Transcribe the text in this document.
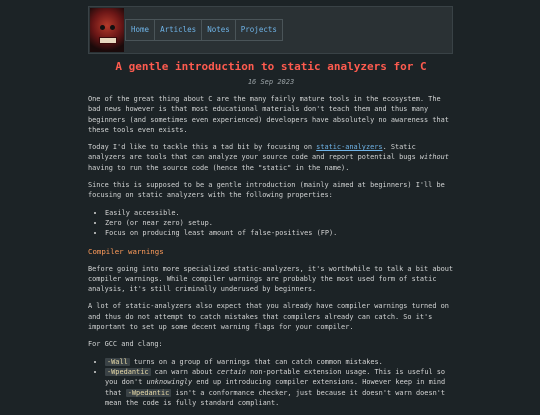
Home	Articles	Notes	Projects
A gentle introduction to static analyzers for C
16 Sep 2023

One of the great thing about C are the many fairly mature tools in the ecosystem. The bad news however is that most educational materials don't teach them and thus many beginners (and sometimes even experienced) developers have absolutely no awareness that these tools even exists.

Today I'd like to tackle this a tad bit by focusing on static-analyzers. Static analyzers are tools that can analyze your source code and report potential bugs without having to run the source code (hence the "static" in the name).

Since this is supposed to be a gentle introduction (mainly aimed at beginners) I'll be focusing on static analyzers with the following properties:

• Easily accessible.
• Zero (or near zero) setup.
• Focus on producing least amount of false-positives (FP).
Compiler warnings

Before going into more specialized static-analyzers, it's worthwhile to talk a bit about compiler warnings. While compiler warnings are probably the most used form of static analysis, it's still criminally underused by beginners.

A lot of static-analyzers also expect that you already have compiler warnings turned on and thus do not attempt to catch mistakes that compilers already can catch. So it's important to set up some decent warning flags for your compiler.

For GCC and clang:

• -Wall turns on a group of warnings that can catch common mistakes.
• -Wpedantic can warn about certain non-portable extension usage. This is useful so you don't unknowingly end up introducing compiler extensions. However keep in mind that -Wpedantic isn't a conformance checker, just because it doesn't warn doesn't mean the code is fully standard compliant.
